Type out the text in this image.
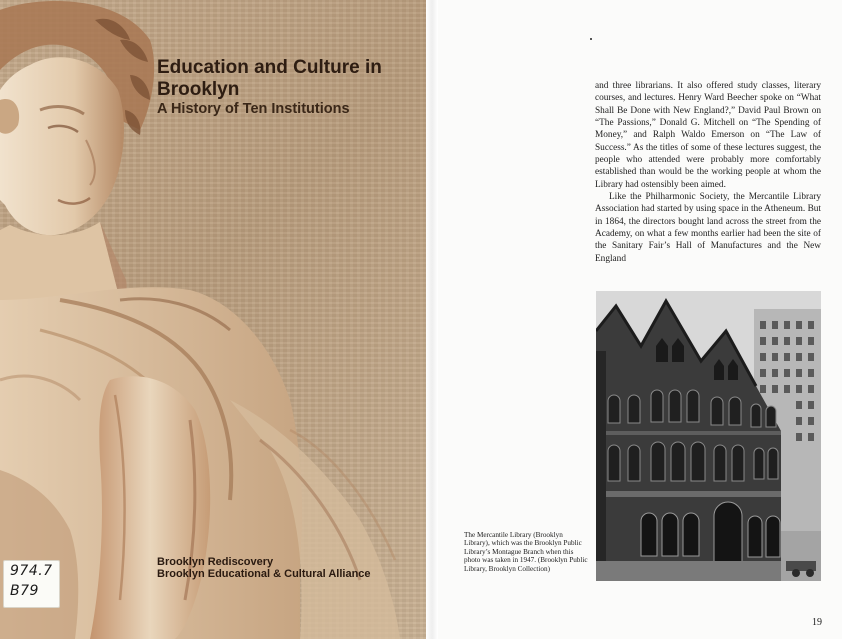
Education and Culture in Brooklyn
A History of Ten Institutions
Brooklyn Rediscovery
Brooklyn Educational & Cultural Alliance
974.7
B79

and three librarians. It also offered study classes, literary courses, and lectures. Henry Ward Beecher spoke on “What Shall Be Done with New England?,” David Paul Brown on “The Passions,” Donald G. Mitchell on “The Spending of Money,” and Ralph Waldo Emerson on “The Law of Success.” As the titles of some of these lectures suggest, the people who attended were probably more comfortably established than would be the working people at whom the Library had ostensibly been aimed.

Like the Philharmonic Society, the Mercantile Library Association had started by using space in the Atheneum. But in 1864, the directors bought land across the street from the Academy, on what a few months earlier had been the site of the Sanitary Fair’s Hall of Manufactures and the New England

The Mercantile Library (Brooklyn Library), which was the Brooklyn Public Library’s Montague Branch when this photo was taken in 1947. (Brooklyn Public Library, Brooklyn Collection)

19
